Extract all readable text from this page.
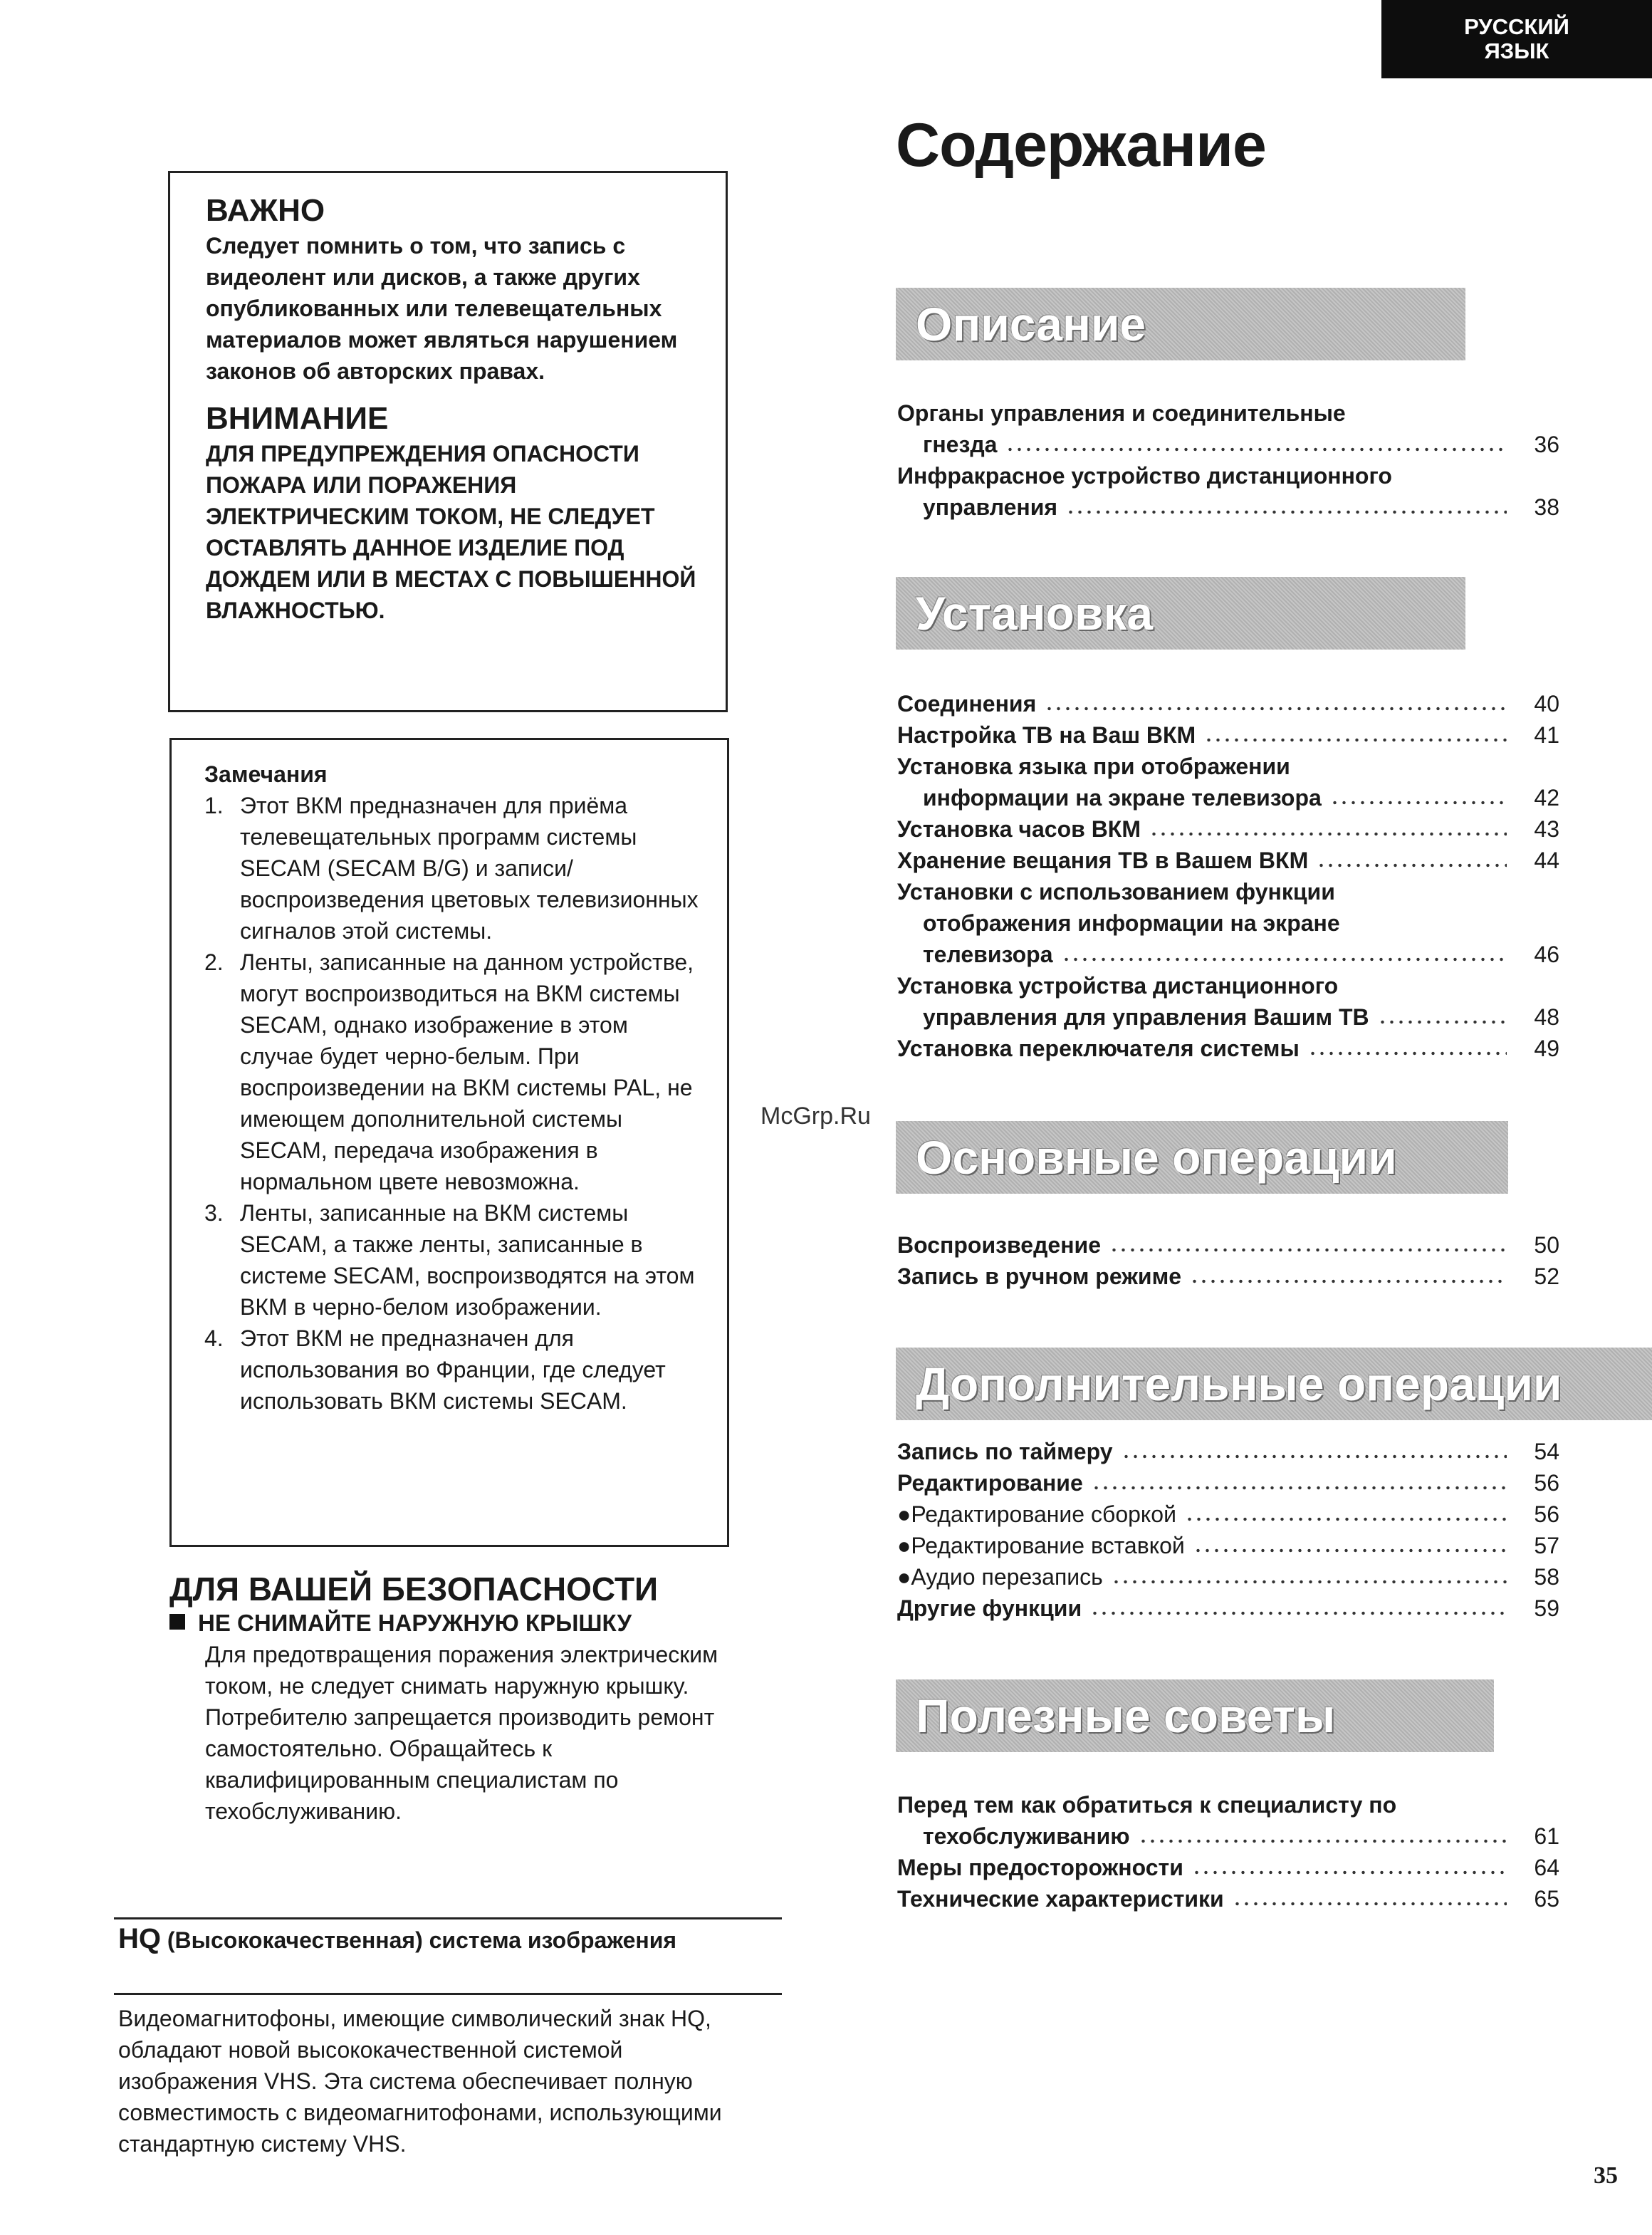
РУССКИЙ
ЯЗЫК

ВАЖНО

Следует помнить о том, что запись с видеолент или дисков, а также других опубликованных или телевещательных материалов может являться нарушением законов об авторских правах.

ВНИМАНИЕ

ДЛЯ ПРЕДУПРЕЖДЕНИЯ ОПАСНОСТИ ПОЖАРА ИЛИ ПОРАЖЕНИЯ ЭЛЕКТРИЧЕСКИМ ТОКОМ, НЕ СЛЕДУЕТ ОСТАВЛЯТЬ ДАННОЕ ИЗДЕЛИЕ ПОД ДОЖДЕМ ИЛИ В МЕСТАХ С ПОВЫШЕННОЙ ВЛАЖНОСТЬЮ.

Замечания
1. Этот ВКМ предназначен для приёма телевещательных программ системы SECAM (SECAM B/G) и записи/ воспроизведения цветовых телевизионных сигналов этой системы.
2. Ленты, записанные на данном устройстве, могут воспроизводиться на ВКМ системы SECAM, однако изображение в этом случае будет черно-белым. При воспроизведении на ВКМ системы PAL, не имеющем дополнительной системы SECAM, передача изображения в нормальном цвете невозможна.
3. Ленты, записанные на ВКМ системы SECAM, а также ленты, записанные в системе SECAM, воспроизводятся на этом ВКМ в черно-белом изображении.
4. Этот ВКМ не предназначен для использования во Франции, где следует использовать ВКМ системы SECAM.
ДЛЯ ВАШЕЙ БЕЗОПАСНОСТИ
НЕ СНИМАЙТЕ НАРУЖНУЮ КРЫШКУ
Для предотвращения поражения электрическим током, не следует снимать наружную крышку. Потребителю запрещается производить ремонт самостоятельно. Обращайтесь к квалифицированным специалистам по техобслуживанию.
HQ (Высококачественная) система изображения
Видеомагнитофоны, имеющие символический знак HQ, обладают новой высококачественной системой изображения VHS. Эта система обеспечивает полную совместимость с видеомагнитофонами, использующими стандартную систему VHS.
McGrp.Ru
Содержание
Описание
Органы управления и соединительные
гнезда	36
Инфракрасное устройство дистанционного
управления	38
Установка
Соединения	40
Настройка ТВ на Ваш ВКМ	41
Установка языка при отображении
информации на экране телевизора	42
Установка часов ВКМ	43
Хранение вещания ТВ в Вашем ВКМ	44
Установки с использованием функции
отображения информации на экране
телевизора	46
Установка устройства дистанционного
управления для управления Вашим ТВ	48
Установка переключателя системы	49
Основные операции
Воспроизведение	50
Запись в ручном режиме	52
Дополнительные операции
Запись по таймеру	54
Редактирование	56
●Редактирование сборкой	56
●Редактирование вставкой	57
●Аудио перезапись	58
Другие функции	59
Полезные советы
Перед тем как обратиться к специалисту по
техобслуживанию	61
Меры предосторожности	64
Технические характеристики	65
35
